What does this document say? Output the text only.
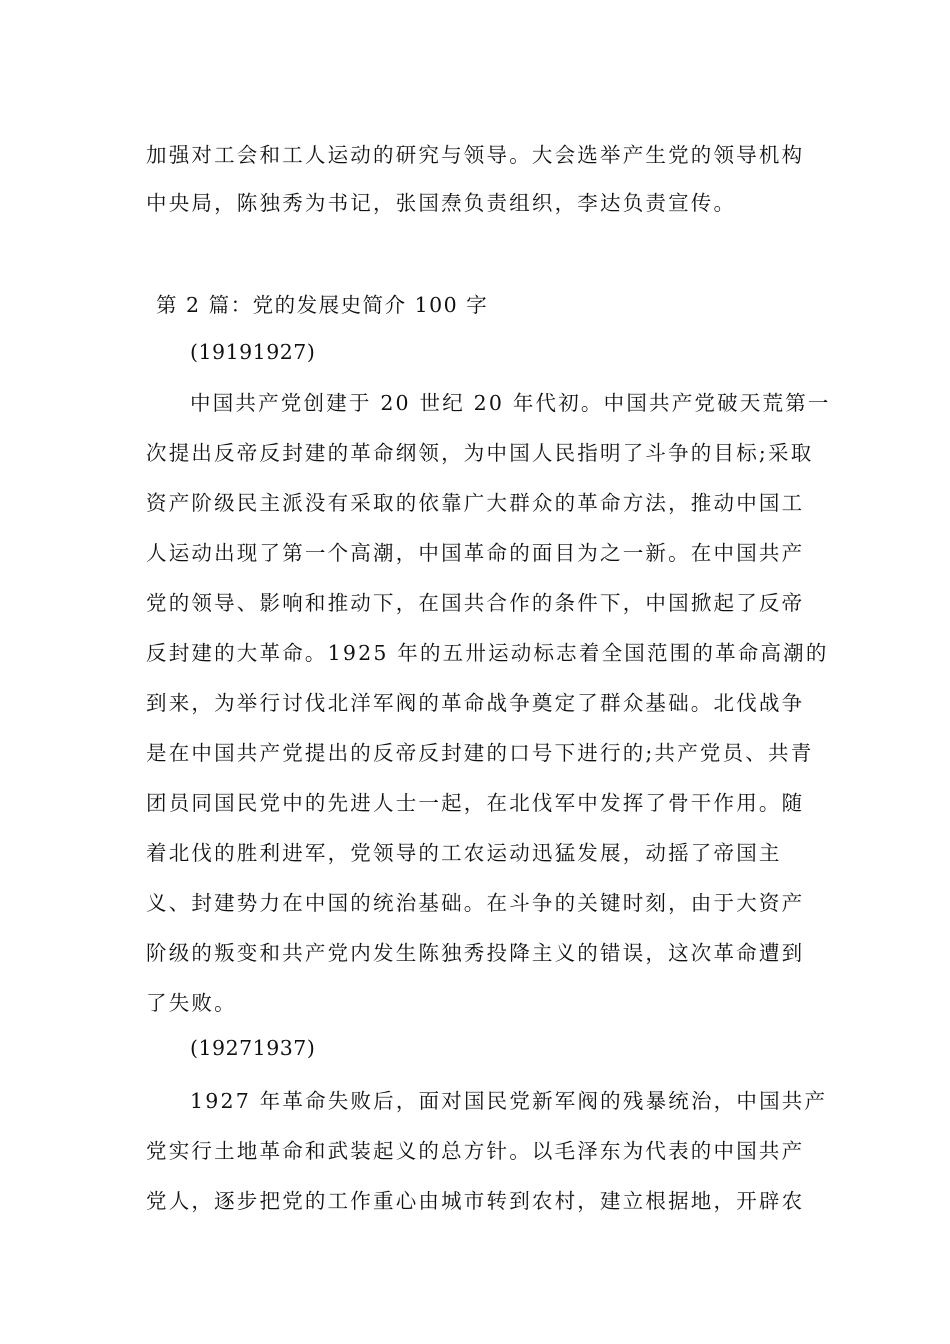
加强对工会和工人运动的研究与领导。大会选举产生党的领导机构
中央局，陈独秀为书记，张国焘负责组织，李达负责宣传。
第 2 篇：党的发展史简介 100 字
(19191927)
中国共产党创建于 20 世纪 20 年代初。中国共产党破天荒第一
次提出反帝反封建的革命纲领，为中国人民指明了斗争的目标;采取
资产阶级民主派没有采取的依靠广大群众的革命方法，推动中国工
人运动出现了第一个高潮，中国革命的面目为之一新。在中国共产
党的领导、影响和推动下，在国共合作的条件下，中国掀起了反帝
反封建的大革命。1925 年的五卅运动标志着全国范围的革命高潮的
到来，为举行讨伐北洋军阀的革命战争奠定了群众基础。北伐战争
是在中国共产党提出的反帝反封建的口号下进行的;共产党员、共青
团员同国民党中的先进人士一起，在北伐军中发挥了骨干作用。随
着北伐的胜利进军，党领导的工农运动迅猛发展，动摇了帝国主
义、封建势力在中国的统治基础。在斗争的关键时刻，由于大资产
阶级的叛变和共产党内发生陈独秀投降主义的错误，这次革命遭到
了失败。
(19271937)
1927 年革命失败后，面对国民党新军阀的残暴统治，中国共产
党实行土地革命和武装起义的总方针。以毛泽东为代表的中国共产
党人，逐步把党的工作重心由城市转到农村，建立根据地，开辟农
